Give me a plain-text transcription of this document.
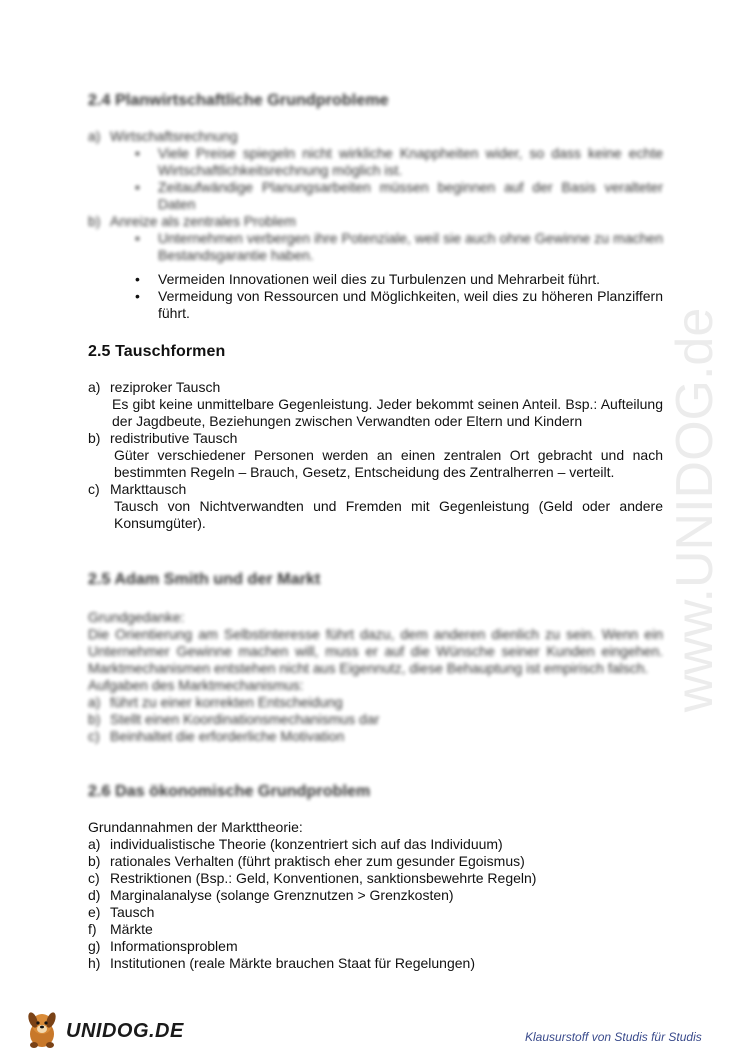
www.UNIDOG.de
2.4 Planwirtschaftliche Grundprobleme
a) Wirtschaftsrechnung
• Viele Preise spiegeln nicht wirkliche Knappheiten wider, so dass keine echte Wirtschaftlichkeitsrechnung möglich ist.
• Zeitaufwändige Planungsarbeiten müssen beginnen auf der Basis veralteter Daten
b) Anreize als zentrales Problem
• Unternehmen verbergen ihre Potenziale, weil sie auch ohne Gewinne zu machen Bestandsgarantie haben.
• Vermeiden Innovationen weil dies zu Turbulenzen und Mehrarbeit führt.
• Vermeidung von Ressourcen und Möglichkeiten, weil dies zu höheren Planziffern führt.
2.5 Tauschformen
a) reziproker Tausch
Es gibt keine unmittelbare Gegenleistung. Jeder bekommt seinen Anteil. Bsp.: Aufteilung der Jagdbeute, Beziehungen zwischen Verwandten oder Eltern und Kindern
b) redistributive Tausch
Güter verschiedener Personen werden an einen zentralen Ort gebracht und nach bestimmten Regeln – Brauch, Gesetz, Entscheidung des Zentralherren – verteilt.
c) Markttausch
Tausch von Nichtverwandten und Fremden mit Gegenleistung (Geld oder andere Konsumgüter).
2.5 Adam Smith und der Markt
Grundgedanke:
Die Orientierung am Selbstinteresse führt dazu, dem anderen dienlich zu sein. Wenn ein Unternehmer Gewinne machen will, muss er auf die Wünsche seiner Kunden eingehen. Marktmechanismen entstehen nicht aus Eigennutz, diese Behauptung ist empirisch falsch.
Aufgaben des Marktmechanismus:
a) führt zu einer korrekten Entscheidung
b) Stellt einen Koordinationsmechanismus dar
c) Beinhaltet die erforderliche Motivation
2.6 Das ökonomische Grundproblem
Grundannahmen der Markttheorie:
a) individualistische Theorie (konzentriert sich auf das Individuum)
b) rationales Verhalten (führt praktisch eher zum gesunder Egoismus)
c) Restriktionen (Bsp.: Geld, Konventionen, sanktionsbewehrte Regeln)
d) Marginalanalyse (solange Grenznutzen > Grenzkosten)
e) Tausch
f) Märkte
g) Informationsproblem
h) Institutionen (reale Märkte brauchen Staat für Regelungen)
UNIDOG.DE	Klausurstoff von Studis für Studis
